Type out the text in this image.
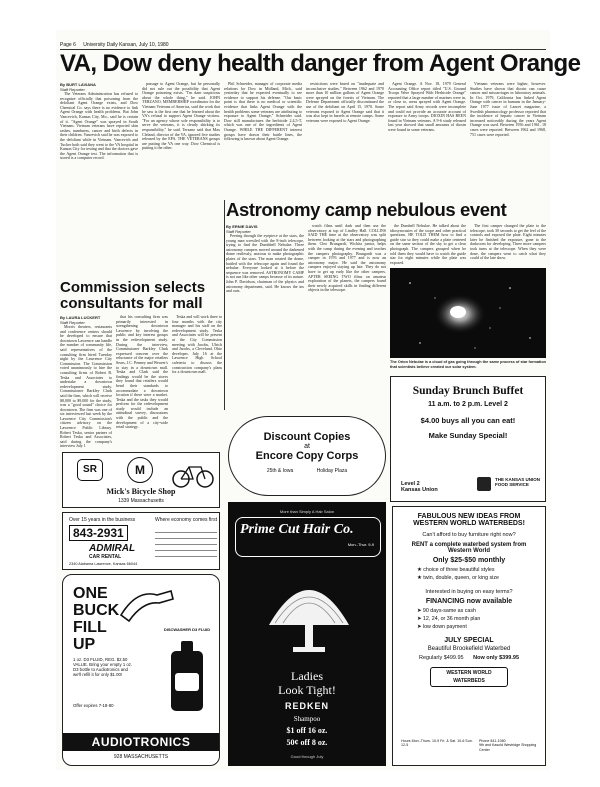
Page 6 University Daily Kansan, July 10, 1980
VA, Dow deny health danger from Agent Orange
By BURT LAVIANA
Staff Reporter

The Veterans Administration has refused to recognize officially that poisoning from the defoliant Agent Orange exists, and Dow Chemical Co. says there is no evidence to link Agent Orange with health problems. But John Vancevich, Kansas City, Mo., said he is certain of it. "Agent Orange" was sprayed in South Vietnam. Vietnam veterans have reported skin rashes, numbness, cancer and birth defects in their children. Vancevich said he was exposed to the defoliant while in Vietnam. Vancevich and Tucker both said they went to the VA hospital in Kansas City for testing and that the doctors gave the Agent Orange test. The information that is stored is a computer record.

passage to Agent Orange, but he personally did not rule out the possibility that Agent Orange poisoning exists. "I'm darn suspicious about the whole thing," he said. JOHN TERZANO, MEMBERSHIP coordinator for the Vietnam Veterans of America, said the work that he saw is the first one that he learned about the VA's refusal to support Agent Orange victims. "For an agency whose sole responsibility is to serve the veterans, it is clearly shirking its responsibility," he said. Terzano said that Max Cleland, director of the VA, ignored five studies released by the EPA. THE VETERANS groups are putting the VA one way. Dow Chemical is putting it the other.

Phil Schneider, manager of corporate media relations for Dow in Midland, Mich., said yesterday that he expected eventually to see evidence to support his defense. "Our basic point is that there is no medical or scientific evidence that links Agent Orange with the health problems some veterans are attributing to exposure to Agent Orange," Schneider said. Dow still manufactures the herbicide 2,4,5-T, which was one of the ingredients of Agent Orange. WHILE THE DIFFERENT interest groups have drawn their battle lines, the following is known about Agent Orange.

restrictions were based on "inadequate and inconclusive studies." Between 1962 and 1970 more than 10 million gallons of Agent Orange were sprayed on the forests of Vietnam. The Defense Department officially discontinued the use of the defoliant on April 15, 1970. Some veterans exposed to Agent Orange said that it was also kept in barrels at remote camps. Some veterans were exposed to Agent Orange.

Agent Orange. A Nov. 18, 1979 General Accounting Office report titled "U.S. Ground Troops Were Sprayed With Herbicide Orange" reported that a large number of marines were in, or close to, areas sprayed with Agent Orange. The report said Army records were incomplete and could not provide an accurate account of exposure to Army troops. DIOXIN HAS BEEN found in Vietnam veterans. A 9-6 study released last year showed that small amounts of dioxin were found in some veterans.

Vietnam veterans were higher, however. Studies have shown that dioxin can cause cancer and miscarriages in laboratory animals. In Oct. 1979, California has linked Agent Orange with cancer in humans in the January-June 1977 issue of Lancet magazine, a Swedish pharmacology professor reported that the incidence of hepatic cancer in Vietnam increased noticeably during the years Agent Orange was used. Between 1956 and 1961, 18 cases were reported. Between 1962 and 1968, 751 cases were reported.

Astronomy camp nebulous event
By ERNIE DAVIS
Staff Reporter

Peering through the eyepiece at the stars, the young man wrestled with the 8-inch telescope, trying to find the Dumbbell Nebulae. Three astronomy campers moved around the darkened dome restlessly, anxious to make photographic plates of the stars. The man rotated the dome, battled with the telescope again and found the nebulae. Everyone looked at it before the sequence was removed. ASTRONOMY CAMP is not run like other camps because of its nature. John P. Davidson, chairman of the physics and astronomy department, said. He knows the ins and outs.

watch films until dark and then use the observatory at top of Lindley Hall. COLLINS SAID THE time at the observatory was split between looking at the stars and photographing them. Cleo Brungardt, Wichita junior, helps with the camp during the evening and teaches the campers photography. Brungardt was a camper in 1976 and 1977 and is now an astronomy major. He said the astronomy campers enjoyed staying up late. They do not have to get up early like the other campers. APTER SEEING TWO films on amateur exploration of the planets, the campers found their newly acquired skills in finding different objects in the telescope.

the Dumbell Nebulae. He talked about the idiosyncrasies of the scope and other practical questions. HE TOLD THEM how to find a guide star so they could make a plate centered on the same section of the sky to get a clear photograph. The campers grouped when he told them they would have to watch the guide star for eight minutes while the plate was exposed.

The first camper changed the plate to the telescope, took 30 seconds to get the feel of the controls and exposed the plate. Eight minutes later he finished the exposure, gone to the darkroom for developing. Three more campers took turns at the telescope. When they were done, the campers went to catch what they could of the late show.

The Orion Nebulae is a cloud of gas going through the same process of star formation that scientists believe created our solar system.
Commission selects consultants for mall
By LAURA LUCKERT
Staff Reporter

Morris theaters, restaurants and conference centers should be developed to ensure that downtown Lawrence can handle the number of community life, said representatives of the consulting firm hired Tuesday night by the Lawrence City Commission. The Commission voted unanimously to hire the consulting firms of Robert B. Teska and Associates to undertake a downtown redevelopment study. Commissioner Barkley Clark said the firm, which will receive $8,000 to $9,000 for the study, was a "good sound" choice for downtown. The firm was one of six interviewed last week by the Lawrence City Commission's citizen advisory on the Lawrence Public Library. Robert Teska, senior partner of Robert Teska and Associates, said during the company's interview July 1

that his consulting firm was primarily interested in strengthening downtown Lawrence by involving the public and key interest groups in the redevelopment study. During the interview, Commissioner Barkley Clark expressed concern over the reluctance of the major retailers Sears, J.C. Penney and Weaver's to stay in a downtown mall. Teska and Clark said the findings would be the stores they found that retailers would bend their standards to accommodate a downtown location if there were a market. Teska and the tasks they would perform for the redevelopment study would include an attitudinal survey, discussions with the public and the development of a city-wide retail strategy.

Teska and will work three to four months with the city manager and his staff on the redevelopment study. Teska and Associates will be present at the City Commission meeting with Jacobs, Ulrich and Jacobs, a Cleveland, Ohio developer, July 16 at the Lawrence High School cafeteria to discuss the construction company's plans for a downtown mall.

Discount Copies
at
Encore Copy Corps
25th & Iowa	Holiday Plaza
Sunday Brunch Buffet
11 a.m. to 2 p.m. Level 2
$4.00 buys all you can eat!
Make Sunday Special!
Level 2
Kansas Union
THE KANSAS UNION
FOOD SERVICE
SR	M
Mick's Bicycle Shop
1339 Massachusetts
Over 15 years in the business	Where economy comes first
843-2931
ADMIRAL
CAR RENTAL
2340 Alabama Lawrence, Kansas 66044
ONE
BUCK
FILL
UP
1 oz. D3 FLUID, REG. $2.50 VALUE. Bring your empty 1 oz. D3 bottle to Audiotronics and we'll refill it for only $1.00!
Offer expires 7-18-80
DISCWASHER D3 FLUID
AUDIOTRONICS
928 MASSACHUSETTS
More than Simply A Hair Salon
Prime Cut Hair Co.
Mon.-Thur. 9-9
Ladies
Look Tight!
REDKEN
Shampoo
$1 off 16 oz.
50¢ off 8 oz.
Good through July
FABULOUS NEW IDEAS FROM
WESTERN WORLD WATERBEDS!
Can't afford to buy furniture right now?
RENT a complete waterbed system from Western World
Only $25-$50 monthly
★ choice of three beautiful styles
★ twin, double, queen, or king size
Interested in buying on easy terms?
FINANCING now available
➤ 90 days-same as cash
➤ 12, 24, or 36 month plan
➤ low down payment
JULY SPECIAL
Beautiful Brookefield Waterbed
Regularly $499.95 Now only $399.95
WESTERN WORLD WATERBEDS
Hours Mon.-Thurs. 10-9 Fri. & Sat. 10-6 Sun. 12-5
Phone 841-1080
9th and Kasold Westridge Shopping Center
